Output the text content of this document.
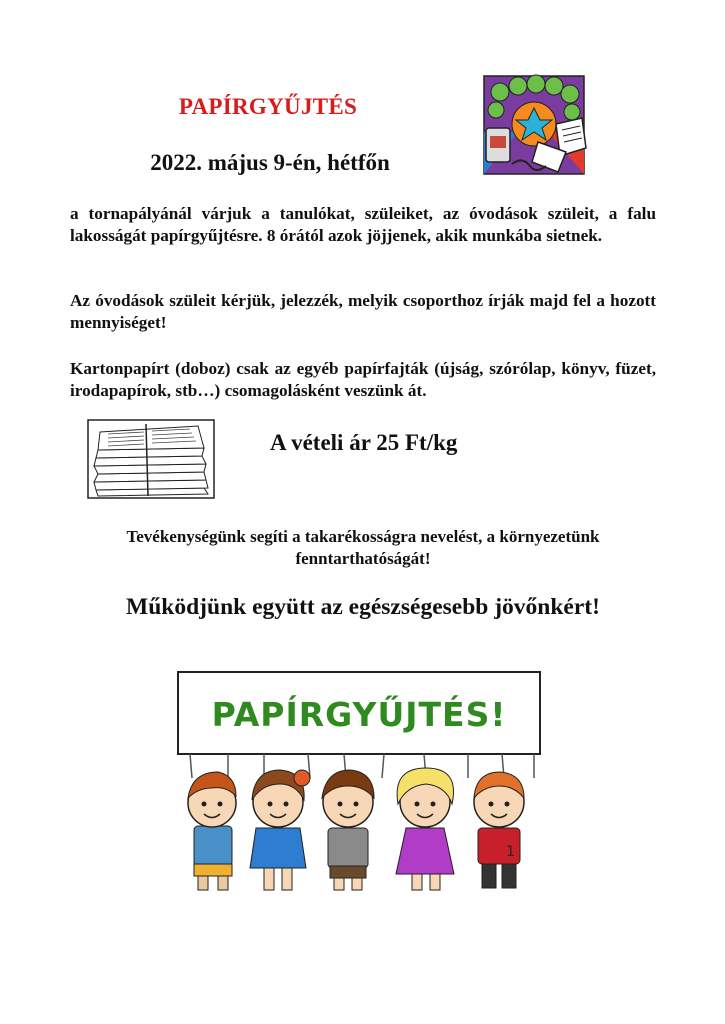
PAPÍRGYŰJTÉS
2022. május 9-én, hétfőn
a tornapályánál várjuk a tanulókat, szüleiket, az óvodások szüleit, a falu lakosságát papírgyűjtésre. 8 órától azok jöjjenek, akik munkába sietnek.
Az óvodások szüleit kérjük, jelezzék, melyik csoporthoz írják majd fel a hozott mennyiséget!
Kartonpapírt (doboz) csak az egyéb papírfajták (újság, szórólap, könyv, füzet, irodapapírok, stb…) csomagolásként veszünk át.
A vételi ár 25 Ft/kg
Tevékenységünk segíti a takarékosságra nevelést, a környezetünk fenntarthatóságát!
Működjünk együtt az egészségesebb jövőnkért!
PAPÍRGYŰJTÉS!
1
